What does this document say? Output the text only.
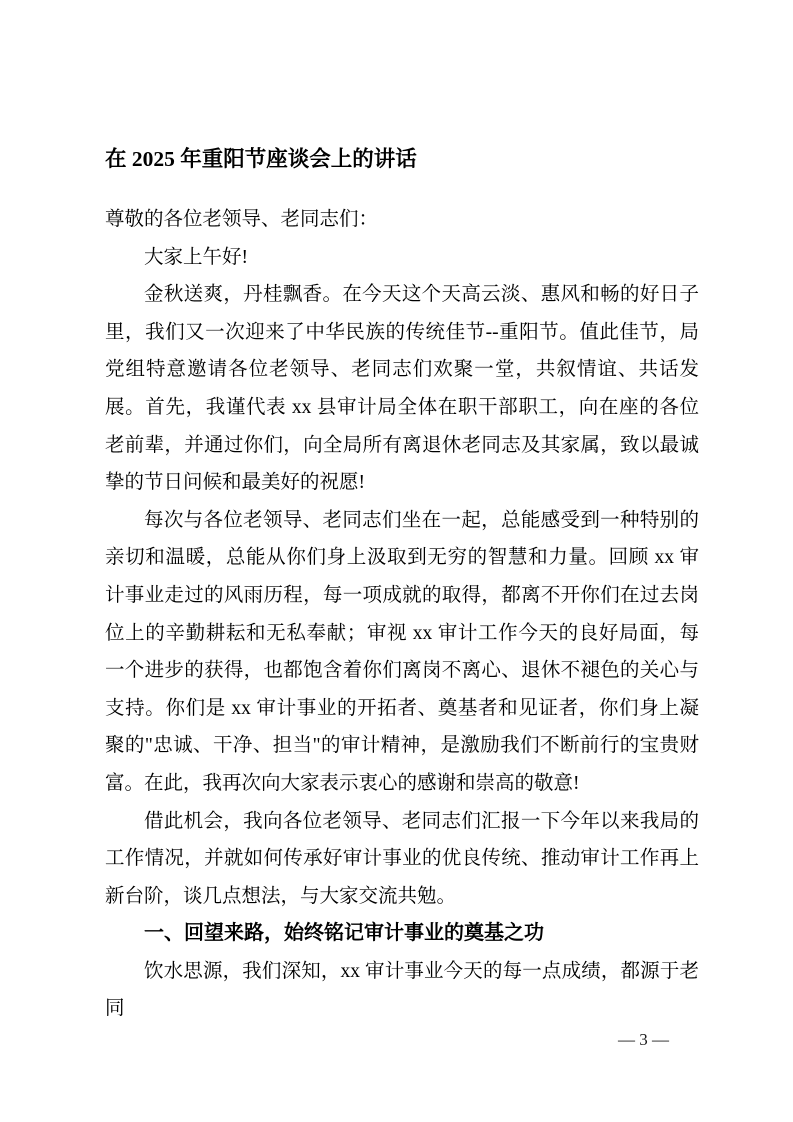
在 2025 年重阳节座谈会上的讲话

尊敬的各位老领导、老同志们：

大家上午好!

金秋送爽，丹桂飘香。在今天这个天高云淡、惠风和畅的好日子里，我们又一次迎来了中华民族的传统佳节--重阳节。值此佳节，局党组特意邀请各位老领导、老同志们欢聚一堂，共叙情谊、共话发展。首先，我谨代表 xx 县审计局全体在职干部职工，向在座的各位老前辈，并通过你们，向全局所有离退休老同志及其家属，致以最诚挚的节日问候和最美好的祝愿!

每次与各位老领导、老同志们坐在一起，总能感受到一种特别的亲切和温暖，总能从你们身上汲取到无穷的智慧和力量。回顾 xx 审计事业走过的风雨历程，每一项成就的取得，都离不开你们在过去岗位上的辛勤耕耘和无私奉献；审视 xx 审计工作今天的良好局面，每一个进步的获得，也都饱含着你们离岗不离心、退休不褪色的关心与支持。你们是 xx 审计事业的开拓者、奠基者和见证者，你们身上凝聚的"忠诚、干净、担当"的审计精神，是激励我们不断前行的宝贵财富。在此，我再次向大家表示衷心的感谢和崇高的敬意!

借此机会，我向各位老领导、老同志们汇报一下今年以来我局的工作情况，并就如何传承好审计事业的优良传统、推动审计工作再上新台阶，谈几点想法，与大家交流共勉。

一、回望来路，始终铭记审计事业的奠基之功

饮水思源，我们深知，xx 审计事业今天的每一点成绩，都源于老同

— 3 —
